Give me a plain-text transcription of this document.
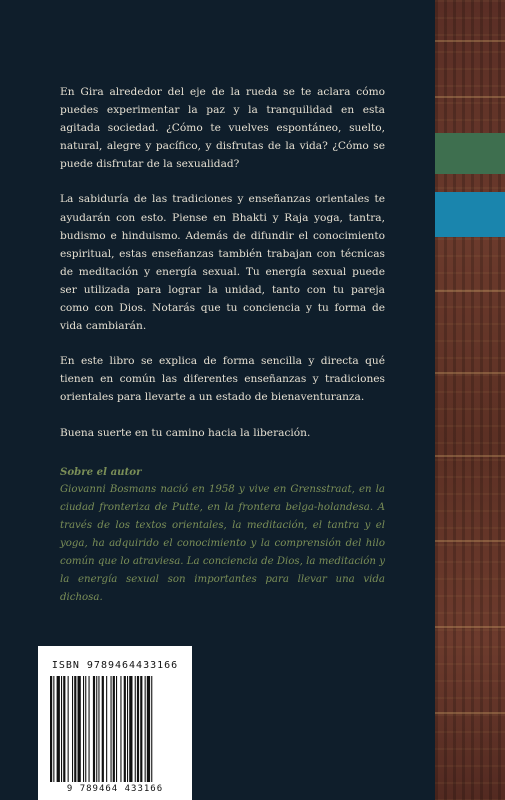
En Gira alrededor del eje de la rueda se te aclara cómo puedes experimentar la paz y la tranquilidad en esta agitada sociedad. ¿Cómo te vuelves espontáneo, suelto, natural, alegre y pacífico, y disfrutas de la vida? ¿Cómo se puede disfrutar de la sexualidad?

La sabiduría de las tradiciones y enseñanzas orientales te ayudarán con esto. Piense en Bhakti y Raja yoga, tantra, budismo e hinduismo. Además de difundir el conocimiento espiritual, estas enseñanzas también trabajan con técnicas de meditación y energía sexual. Tu energía sexual puede ser utilizada para lograr la unidad, tanto con tu pareja como con Dios. Notarás que tu conciencia y tu forma de vida cambiarán.

En este libro se explica de forma sencilla y directa qué tienen en común las diferentes enseñanzas y tradiciones orientales para llevarte a un estado de bienaventuranza.

Buena suerte en tu camino hacia la liberación.

Sobre el autor
Giovanni Bosmans nació en 1958 y vive en Grensstraat, en la ciudad fronteriza de Putte, en la frontera belga-holandesa. A través de los textos orientales, la meditación, el tantra y el yoga, ha adquirido el conocimiento y la comprensión del hilo común que lo atraviesa. La conciencia de Dios, la meditación y la energía sexual son importantes para llevar una vida dichosa.
ISBN 9789464433166
9 789464 433166
